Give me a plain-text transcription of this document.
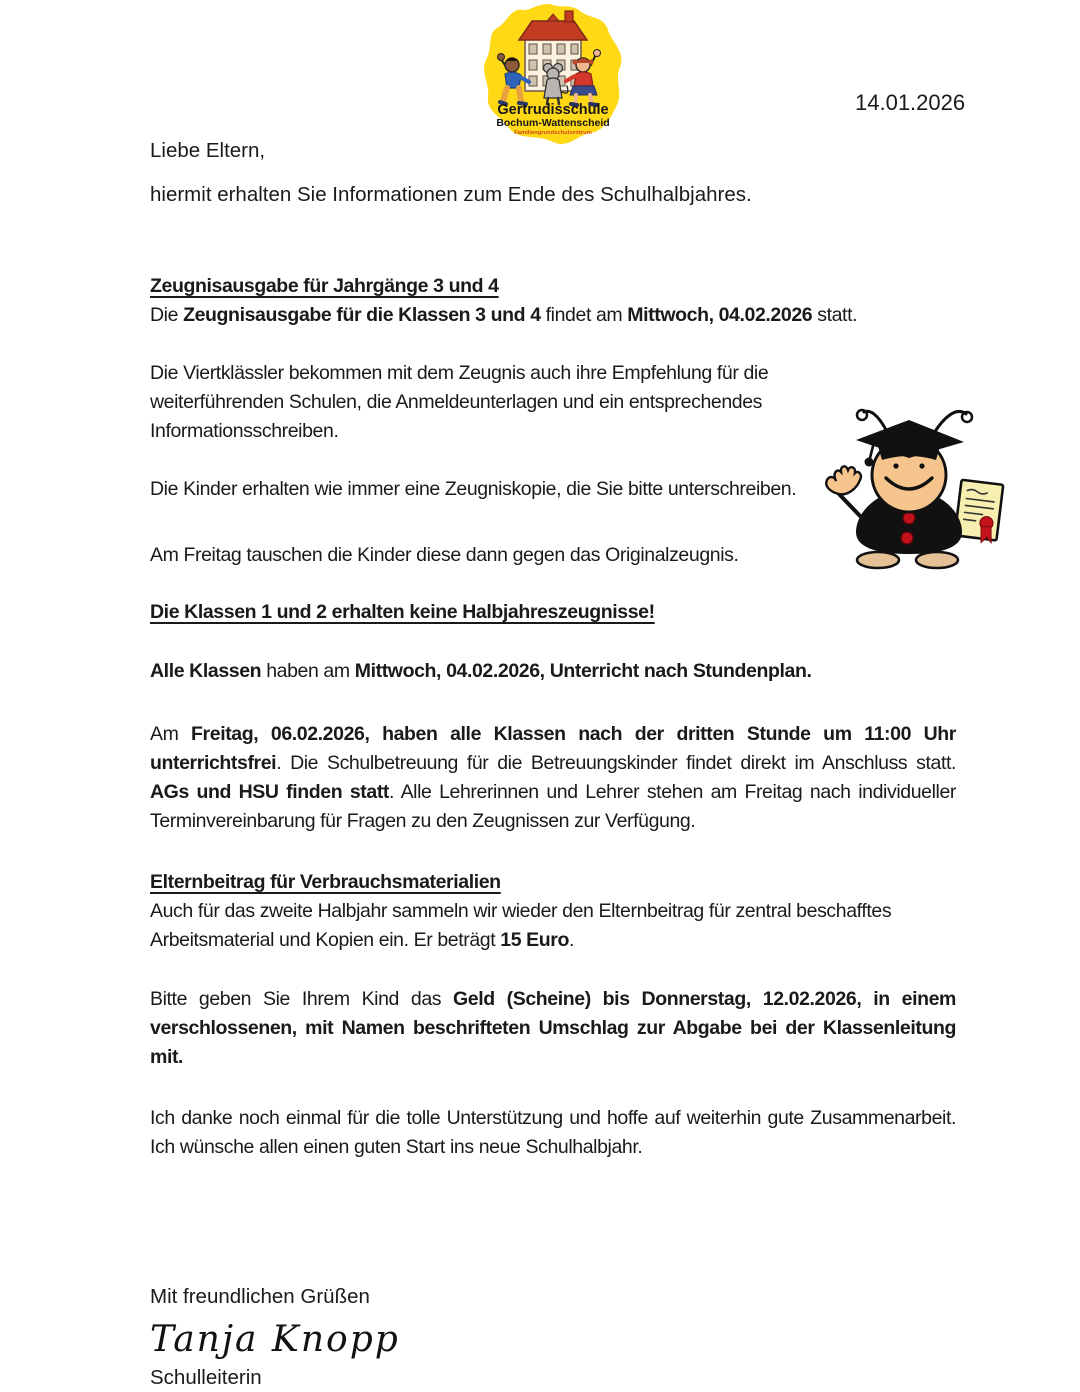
Gertrudisschule
Bochum-Wattenscheid
Familiengrundschulzentrum
14.01.2026

Liebe Eltern,

hiermit erhalten Sie Informationen zum Ende des Schulhalbjahres.

Zeugnisausgabe für Jahrgänge 3 und 4

Die Zeugnisausgabe für die Klassen 3 und 4 findet am Mittwoch, 04.02.2026 statt.

Die Viertklässler bekommen mit dem Zeugnis auch ihre Empfehlung für die weiterführenden Schulen, die Anmeldeunterlagen und ein entsprechendes Informationsschreiben.

Die Kinder erhalten wie immer eine Zeugniskopie, die Sie bitte unterschreiben.

Am Freitag tauschen die Kinder diese dann gegen das Originalzeugnis.

Die Klassen 1 und 2 erhalten keine Halbjahreszeugnisse!

Alle Klassen haben am Mittwoch, 04.02.2026, Unterricht nach Stundenplan.

Am Freitag, 06.02.2026, haben alle Klassen nach der dritten Stunde um 11:00 Uhr unterrichtsfrei. Die Schulbetreuung für die Betreuungskinder findet direkt im Anschluss statt. AGs und HSU finden statt. Alle Lehrerinnen und Lehrer stehen am Freitag nach individueller Terminvereinbarung für Fragen zu den Zeugnissen zur Verfügung.

Elternbeitrag für Verbrauchsmaterialien

Auch für das zweite Halbjahr sammeln wir wieder den Elternbeitrag für zentral beschafftes Arbeitsmaterial und Kopien ein. Er beträgt 15 Euro.

Bitte geben Sie Ihrem Kind das Geld (Scheine) bis Donnerstag, 12.02.2026, in einem verschlossenen, mit Namen beschrifteten Umschlag zur Abgabe bei der Klassenleitung mit.

Ich danke noch einmal für die tolle Unterstützung und hoffe auf weiterhin gute Zusammenarbeit. Ich wünsche allen einen guten Start ins neue Schulhalbjahr.

Mit freundlichen Grüßen

Tanja Knopp

Schulleiterin
